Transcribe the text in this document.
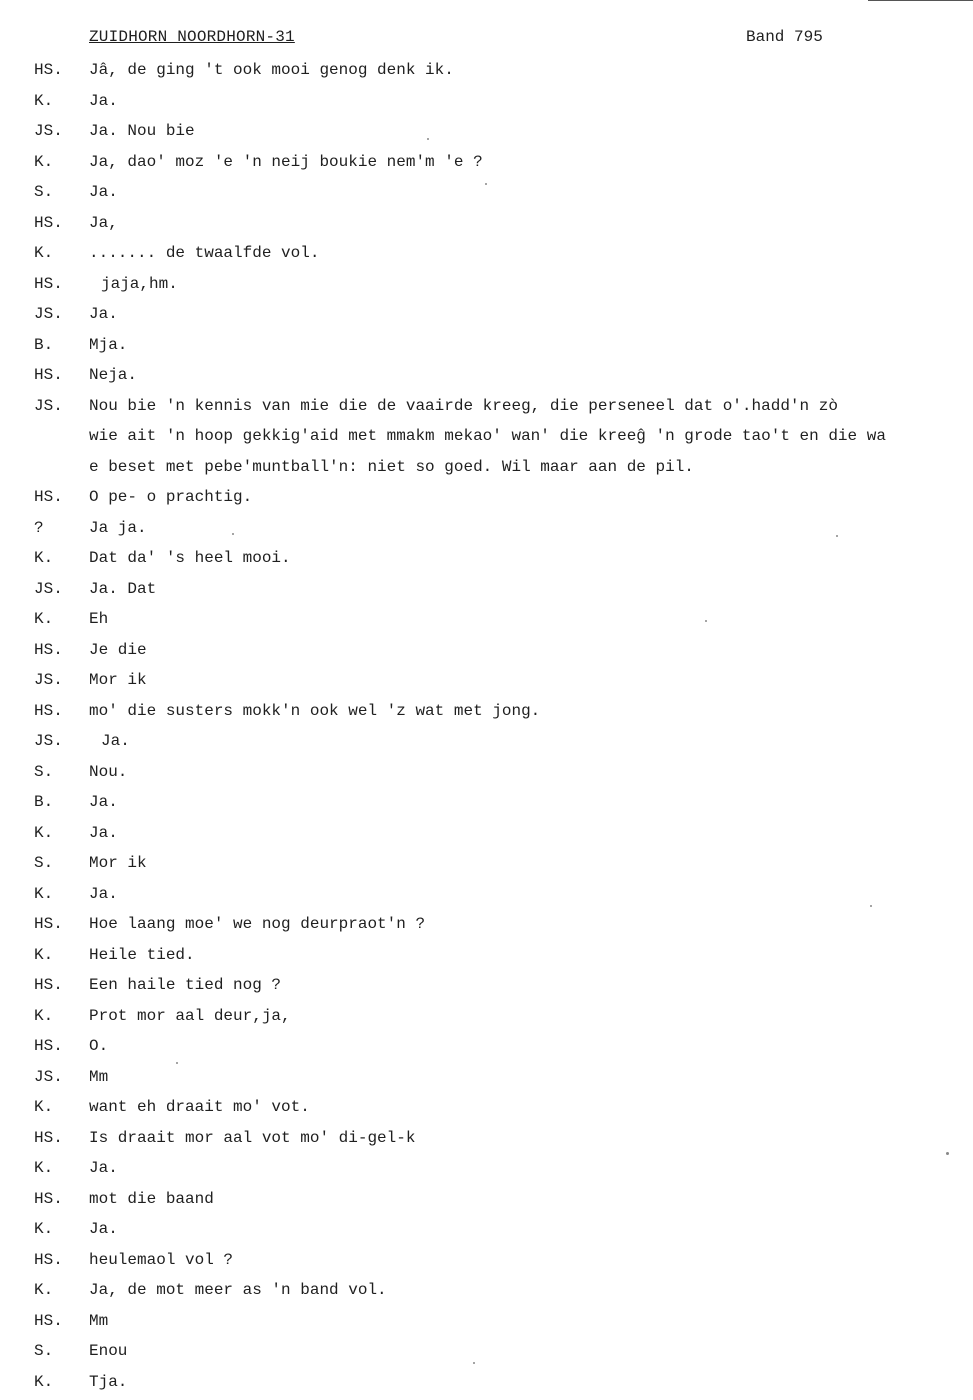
ZUIDHORN NOORDHORN-31	Band 795
HS.	Jâ, de ging 't ook mooi genog denk ik.
K.	Ja.
JS.	Ja. Nou bie
K.	Ja, dao' moz 'e 'n neij boukie nem'm 'e ?
S.	Ja.
HS.	Ja,
K.	....... de twaalfde vol.
HS.	jaja,hm.
JS.	Ja.
B.	Mja.
HS.	Neja.
JS.	Nou bie 'n kennis van mie die de vaairde kreeg, die perseneel dat o'.hadd'n zò
wie ait 'n hoop gekkig'aid met mmakm mekao' wan' die kreeĝ 'n grode tao't en die wa
e beset met pebe'muntball'n: niet so goed. Wil maar aan de pil.
HS.	O pe- o prachtig.
?	Ja ja.
K.	Dat da' 's heel mooi.
JS.	Ja. Dat
K.	Eh
HS.	Je die
JS.	Mor ik
HS.	mo' die susters mokk'n ook wel 'z wat met jong.
JS.	Ja.
S.	Nou.
B.	Ja.
K.	Ja.
S.	Mor ik
K.	Ja.
HS.	Hoe laang moe' we nog deurpraot'n ?
K.	Heile tied.
HS.	Een haile tied nog ?
K.	Prot mor aal deur,ja,
HS.	O.
JS.	Mm
K.	want eh draait mo' vot.
HS.	Is draait mor aal vot mo' di-gel-k
K.	Ja.
HS.	mot die baand
K.	Ja.
HS.	heulemaol vol ?
K.	Ja, de mot meer as 'n band vol.
HS.	Mm
S.	Enou
K.	Tja.
